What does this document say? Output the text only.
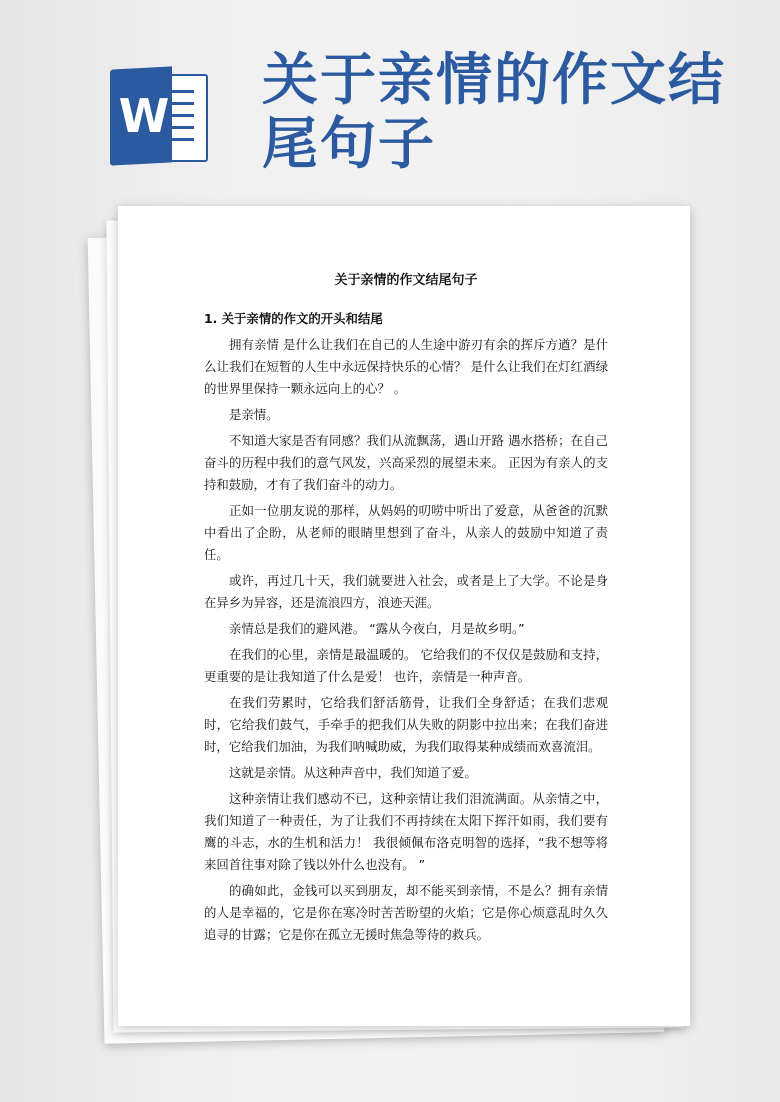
W
关于亲情的作文结
尾句子
关于亲情的作文结尾句子
1. 关于亲情的作文的开头和结尾
拥有亲情 是什么让我们在自己的人生途中游刃有余的挥斥方遒？是什么让我们在短暂的人生中永远保持快乐的心情？ 是什么让我们在灯红酒绿的世界里保持一颗永远向上的心？ 。
是亲情。
不知道大家是否有同感？我们从流飘荡，遇山开路 遇水搭桥；在自己奋斗的历程中我们的意气风发，兴高采烈的展望未来。 正因为有亲人的支持和鼓励，才有了我们奋斗的动力。
正如一位朋友说的那样，从妈妈的叨唠中听出了爱意，从爸爸的沉默中看出了企盼，从老师的眼睛里想到了奋斗，从亲人的鼓励中知道了责任。
或许，再过几十天，我们就要进入社会，或者是上了大学。不论是身在异乡为异容，还是流浪四方，浪迹天涯。
亲情总是我们的避风港。 “露从今夜白，月是故乡明。”
在我们的心里，亲情是最温暖的。 它给我们的不仅仅是鼓励和支持，更重要的是让我知道了什么是爱！ 也许，亲情是一种声音。
在我们劳累时，它给我们舒活筋骨，让我们全身舒适；在我们悲观时，它给我们鼓气，手牵手的把我们从失败的阴影中拉出来；在我们奋进时，它给我们加油，为我们呐喊助威，为我们取得某种成绩而欢喜流泪。
这就是亲情。从这种声音中，我们知道了爱。
这种亲情让我们感动不已，这种亲情让我们泪流满面。从亲情之中，我们知道了一种责任，为了让我们不再持续在太阳下挥汗如雨，我们要有鹰的斗志，水的生机和活力！ 我很倾佩布洛克明智的选择，“我不想等将来回首往事对除了钱以外什么也没有。 ”
的确如此，金钱可以买到朋友，却不能买到亲情，不是么？拥有亲情的人是幸福的，它是你在寒冷时苦苦盼望的火焰；它是你心烦意乱时久久追寻的甘露；它是你在孤立无援时焦急等待的救兵。
